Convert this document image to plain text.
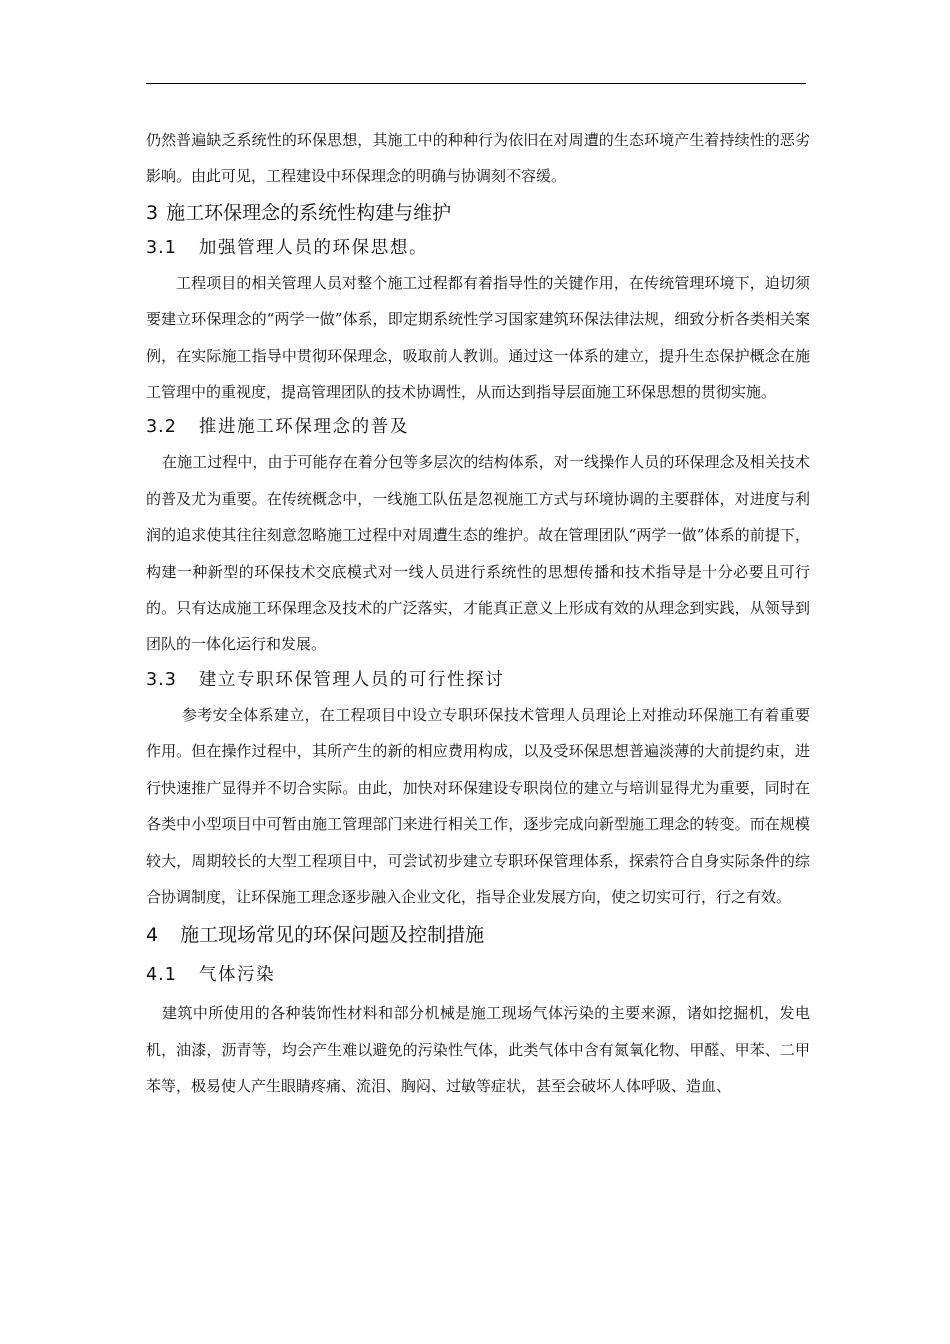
仍然普遍缺乏系统性的环保思想，其施工中的种种行为依旧在对周遭的生态环境产生着持续性的恶劣影响。由此可见，工程建设中环保理念的明确与协调刻不容缓。

3 施工环保理念的系统性构建与维护
3.1 加强管理人员的环保思想。

工程项目的相关管理人员对整个施工过程都有着指导性的关键作用，在传统管理环境下，迫切须要建立环保理念的“两学一做”体系，即定期系统性学习国家建筑环保法律法规，细致分析各类相关案例，在实际施工指导中贯彻环保理念，吸取前人教训。通过这一体系的建立，提升生态保护概念在施工管理中的重视度，提高管理团队的技术协调性，从而达到指导层面施工环保思想的贯彻实施。

3.2 推进施工环保理念的普及

在施工过程中，由于可能存在着分包等多层次的结构体系，对一线操作人员的环保理念及相关技术的普及尤为重要。在传统概念中，一线施工队伍是忽视施工方式与环境协调的主要群体，对进度与利润的追求使其往往刻意忽略施工过程中对周遭生态的维护。故在管理团队“两学一做”体系的前提下，构建一种新型的环保技术交底模式对一线人员进行系统性的思想传播和技术指导是十分必要且可行的。只有达成施工环保理念及技术的广泛落实，才能真正意义上形成有效的从理念到实践，从领导到团队的一体化运行和发展。

3.3 建立专职环保管理人员的可行性探讨

参考安全体系建立，在工程项目中设立专职环保技术管理人员理论上对推动环保施工有着重要作用。但在操作过程中，其所产生的新的相应费用构成，以及受环保思想普遍淡薄的大前提约束，进行快速推广显得并不切合实际。由此，加快对环保建设专职岗位的建立与培训显得尤为重要，同时在各类中小型项目中可暂由施工管理部门来进行相关工作，逐步完成向新型施工理念的转变。而在规模较大，周期较长的大型工程项目中，可尝试初步建立专职环保管理体系，探索符合自身实际条件的综合协调制度，让环保施工理念逐步融入企业文化，指导企业发展方向，使之切实可行，行之有效。

4 施工现场常见的环保问题及控制措施
4.1 气体污染

建筑中所使用的各种装饰性材料和部分机械是施工现场气体污染的主要来源，诸如挖掘机，发电机，油漆，沥青等，均会产生难以避免的污染性气体，此类气体中含有氮氧化物、甲醛、甲苯、二甲苯等，极易使人产生眼睛疼痛、流泪、胸闷、过敏等症状，甚至会破坏人体呼吸、造血、
